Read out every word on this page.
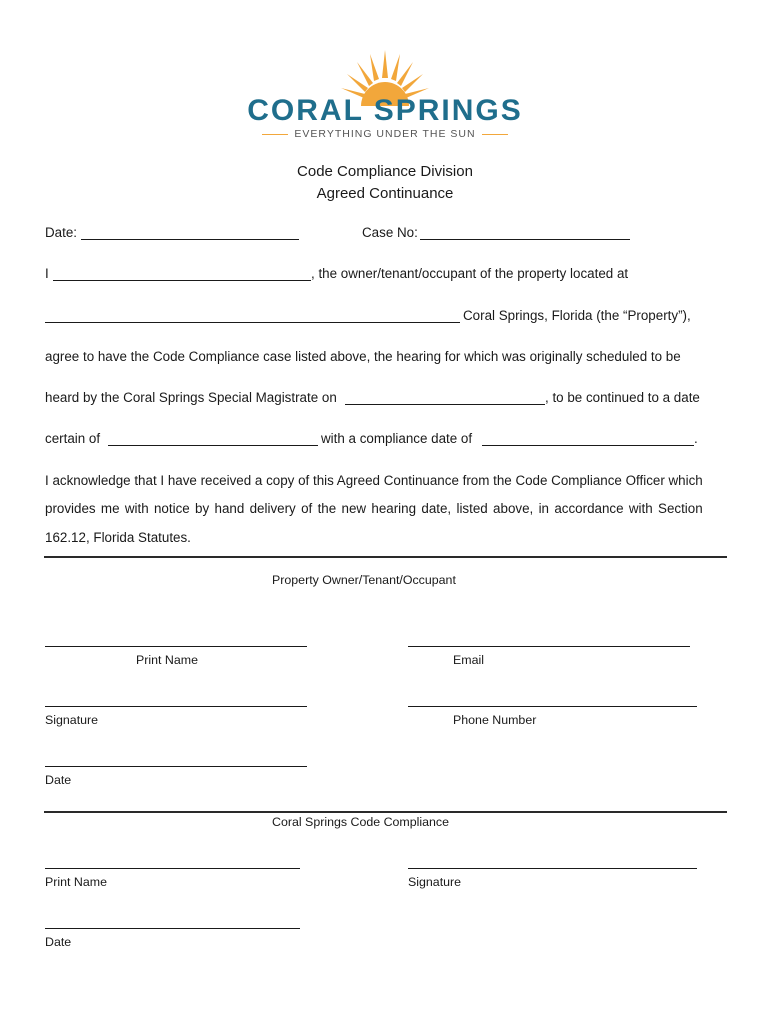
CORAL SPRINGS
EVERYTHING UNDER THE SUN
Code Compliance Division
Agreed Continuance
Date:	Case No:
I	, the owner/tenant/occupant of the property located at
Coral Springs, Florida (the “Property”),
agree to have the Code Compliance case listed above, the hearing for which was originally scheduled to be
heard by the Coral Springs Special Magistrate on	, to be continued to a date
certain of	with a compliance date of	.
I acknowledge that I have received a copy of this Agreed Continuance from the Code Compliance Officer which
provides me with notice by hand delivery of the new hearing date, listed above, in accordance with Section
162.12, Florida Statutes.
Property Owner/Tenant/Occupant
Print Name	Email
Signature	Phone Number
Date
Coral Springs Code Compliance
Print Name	Signature
Date
